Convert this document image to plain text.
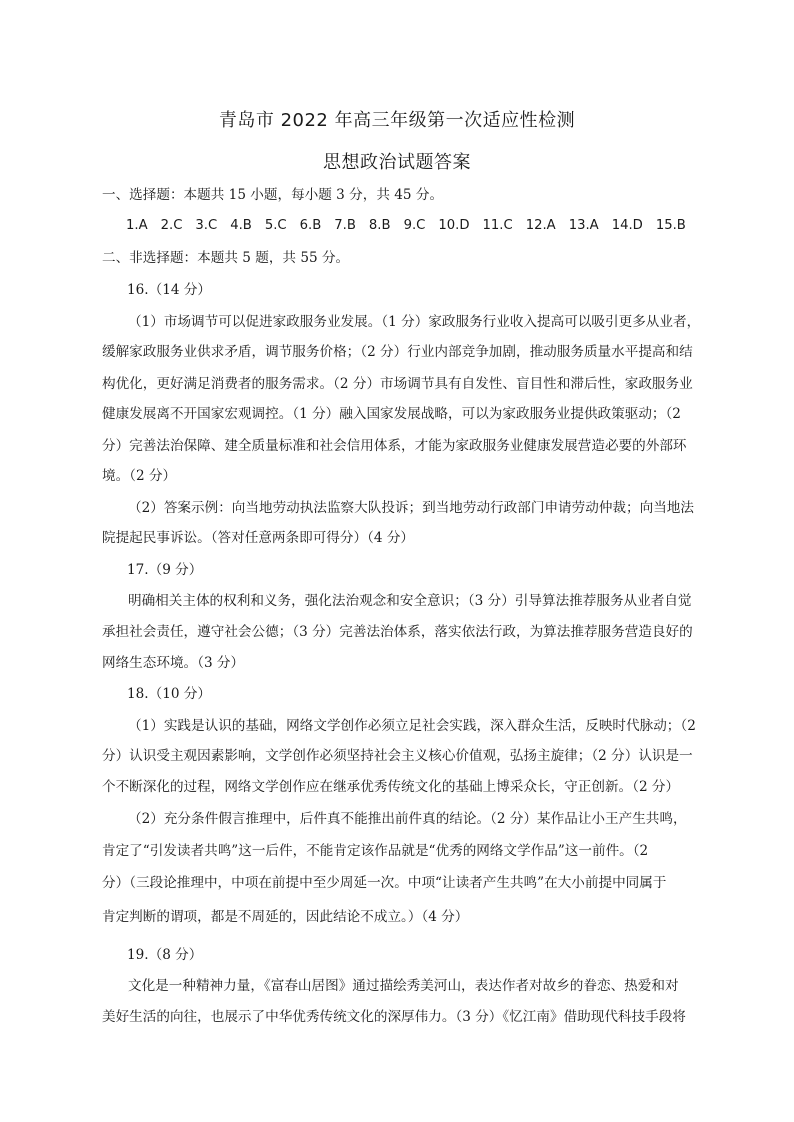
青岛市 2022 年高三年级第一次适应性检测
思想政治试题答案
一、选择题：本题共 15 小题，每小题 3 分，共 45 分。
1.A 2.C 3.C 4.B 5.C 6.B 7.B 8.B 9.C 10.D 11.C 12.A 13.A 14.D 15.B
二、非选择题：本题共 5 题，共 55 分。
16.（14 分）
（1）市场调节可以促进家政服务业发展。（1 分）家政服务行业收入提高可以吸引更多从业者，
缓解家政服务业供求矛盾，调节服务价格；（2 分）行业内部竞争加剧，推动服务质量水平提高和结
构优化，更好满足消费者的服务需求。（2 分）市场调节具有自发性、盲目性和滞后性，家政服务业
健康发展离不开国家宏观调控。（1 分）融入国家发展战略，可以为家政服务业提供政策驱动；（2
分）完善法治保障、建全质量标准和社会信用体系，才能为家政服务业健康发展营造必要的外部环
境。（2 分）
（2）答案示例：向当地劳动执法监察大队投诉；到当地劳动行政部门申请劳动仲裁；向当地法
院提起民事诉讼。（答对任意两条即可得分）（4 分）
17.（9 分）
明确相关主体的权利和义务，强化法治观念和安全意识；（3 分）引导算法推荐服务从业者自觉
承担社会责任，遵守社会公德；（3 分）完善法治体系，落实依法行政，为算法推荐服务营造良好的
网络生态环境。（3 分）
18.（10 分）
（1）实践是认识的基础，网络文学创作必须立足社会实践，深入群众生活，反映时代脉动；（2
分）认识受主观因素影响，文学创作必须坚持社会主义核心价值观，弘扬主旋律；（2 分）认识是一
个不断深化的过程，网络文学创作应在继承优秀传统文化的基础上博采众长，守正创新。（2 分）
（2）充分条件假言推理中，后件真不能推出前件真的结论。（2 分）某作品让小王产生共鸣，
肯定了“引发读者共鸣”这一后件，不能肯定该作品就是“优秀的网络文学作品”这一前件。（2
分）（三段论推理中，中项在前提中至少周延一次。中项“让读者产生共鸣”在大小前提中同属于
肯定判断的谓项，都是不周延的，因此结论不成立。）（4 分）
19.（8 分）
文化是一种精神力量，《富春山居图》通过描绘秀美河山，表达作者对故乡的眷恋、热爱和对
美好生活的向往，也展示了中华优秀传统文化的深厚伟力。（3 分）《忆江南》借助现代科技手段将
